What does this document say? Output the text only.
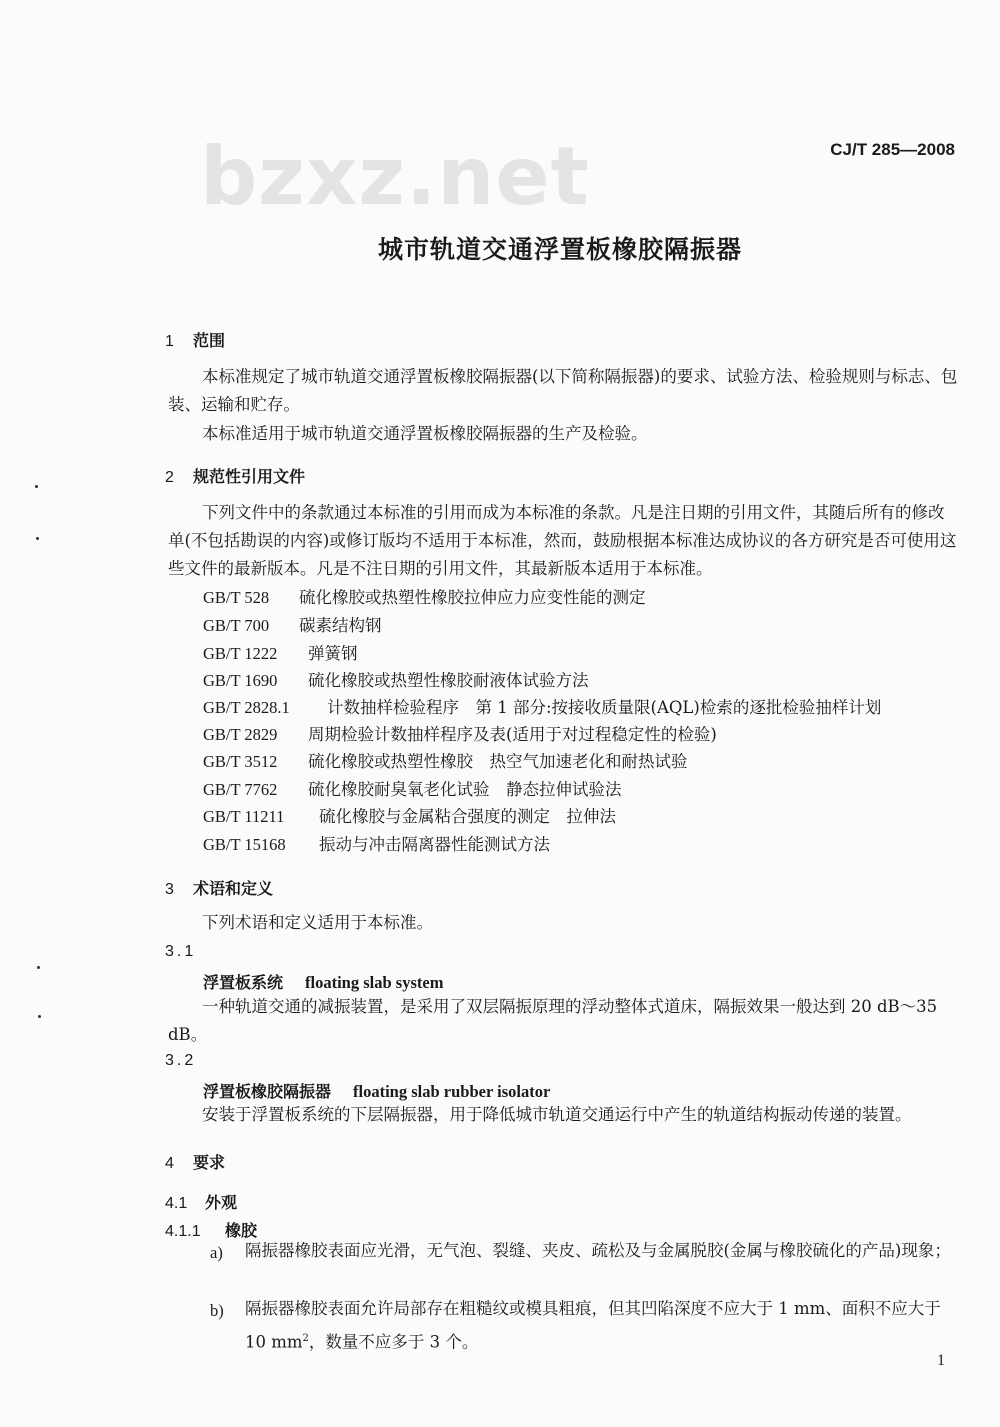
bzxz.net	CJ/T 285—2008
城市轨道交通浮置板橡胶隔振器
1 范围
本标准规定了城市轨道交通浮置板橡胶隔振器(以下简称隔振器)的要求、试验方法、检验规则与标志、包装、运输和贮存。
本标准适用于城市轨道交通浮置板橡胶隔振器的生产及检验。
2 规范性引用文件
下列文件中的条款通过本标准的引用而成为本标准的条款。凡是注日期的引用文件，其随后所有的修改单(不包括勘误的内容)或修订版均不适用于本标准，然而，鼓励根据本标准达成协议的各方研究是否可使用这些文件的最新版本。凡是不注日期的引用文件，其最新版本适用于本标准。
GB/T 528 硫化橡胶或热塑性橡胶拉伸应力应变性能的测定
GB/T 700 碳素结构钢
GB/T 1222 弹簧钢
GB/T 1690 硫化橡胶或热塑性橡胶耐液体试验方法
GB/T 2828.1 计数抽样检验程序　第 1 部分:按接收质量限(AQL)检索的逐批检验抽样计划
GB/T 2829 周期检验计数抽样程序及表(适用于对过程稳定性的检验)
GB/T 3512 硫化橡胶或热塑性橡胶　热空气加速老化和耐热试验
GB/T 7762 硫化橡胶耐臭氧老化试验　静态拉伸试验法
GB/T 11211 硫化橡胶与金属粘合强度的测定　拉伸法
GB/T 15168 振动与冲击隔离器性能测试方法
3 术语和定义
下列术语和定义适用于本标准。
3.1
浮置板系统 floating slab system
一种轨道交通的减振装置，是采用了双层隔振原理的浮动整体式道床，隔振效果一般达到 20 dB～35 dB。
3.2
浮置板橡胶隔振器 floating slab rubber isolator
安装于浮置板系统的下层隔振器，用于降低城市轨道交通运行中产生的轨道结构振动传递的装置。
4 要求
4.1 外观
4.1.1 橡胶
a) 隔振器橡胶表面应光滑，无气泡、裂缝、夹皮、疏松及与金属脱胶(金属与橡胶硫化的产品)现象；
b) 隔振器橡胶表面允许局部存在粗糙纹或模具粗痕，但其凹陷深度不应大于 1 mm、面积不应大于 10 $mm^2$，数量不应多于 3 个。
1
